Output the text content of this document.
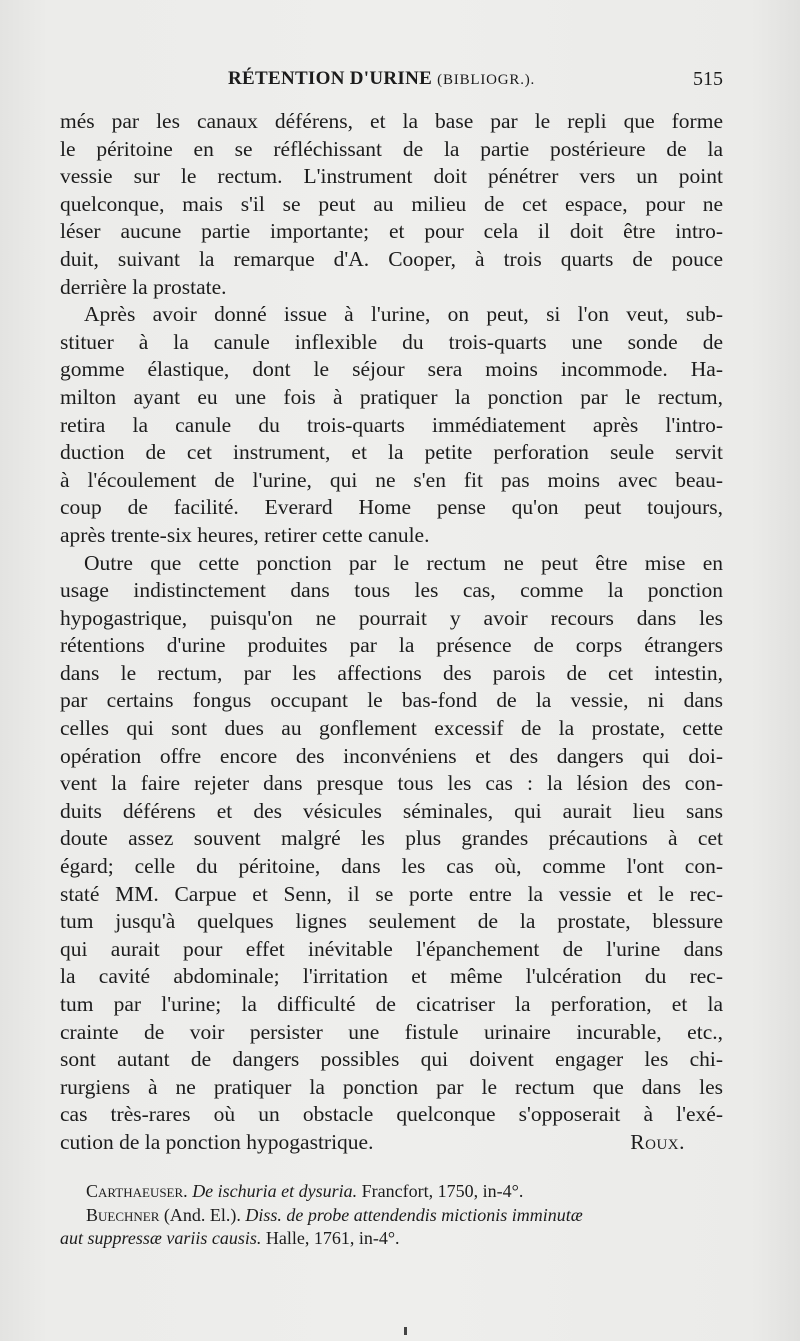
RÉTENTION D'URINE (BIBLIOGR.).	515
més par les canaux déférens, et la base par le repli que forme
le péritoine en se réfléchissant de la partie postérieure de la
vessie sur le rectum. L'instrument doit pénétrer vers un point
quelconque, mais s'il se peut au milieu de cet espace, pour ne
léser aucune partie importante; et pour cela il doit être intro-
duit, suivant la remarque d'A. Cooper, à trois quarts de pouce
derrière la prostate.
Après avoir donné issue à l'urine, on peut, si l'on veut, sub-
stituer à la canule inflexible du trois-quarts une sonde de
gomme élastique, dont le séjour sera moins incommode. Ha-
milton ayant eu une fois à pratiquer la ponction par le rectum,
retira la canule du trois-quarts immédiatement après l'intro-
duction de cet instrument, et la petite perforation seule servit
à l'écoulement de l'urine, qui ne s'en fit pas moins avec beau-
coup de facilité. Everard Home pense qu'on peut toujours,
après trente-six heures, retirer cette canule.
Outre que cette ponction par le rectum ne peut être mise en
usage indistinctement dans tous les cas, comme la ponction
hypogastrique, puisqu'on ne pourrait y avoir recours dans les
rétentions d'urine produites par la présence de corps étrangers
dans le rectum, par les affections des parois de cet intestin,
par certains fongus occupant le bas-fond de la vessie, ni dans
celles qui sont dues au gonflement excessif de la prostate, cette
opération offre encore des inconvéniens et des dangers qui doi-
vent la faire rejeter dans presque tous les cas : la lésion des con-
duits déférens et des vésicules séminales, qui aurait lieu sans
doute assez souvent malgré les plus grandes précautions à cet
égard; celle du péritoine, dans les cas où, comme l'ont con-
staté MM. Carpue et Senn, il se porte entre la vessie et le rec-
tum jusqu'à quelques lignes seulement de la prostate, blessure
qui aurait pour effet inévitable l'épanchement de l'urine dans
la cavité abdominale; l'irritation et même l'ulcération du rec-
tum par l'urine; la difficulté de cicatriser la perforation, et la
crainte de voir persister une fistule urinaire incurable, etc.,
sont autant de dangers possibles qui doivent engager les chi-
rurgiens à ne pratiquer la ponction par le rectum que dans les
cas très-rares où un obstacle quelconque s'opposerait à l'exé-
cution de la ponction hypogastrique.	Roux.
Carthaeuser. De ischuria et dysuria. Francfort, 1750, in-4°.
Buechner (And. El.). Diss. de probe attendendis mictionis imminutæ
aut suppressæ variis causis. Halle, 1761, in-4°.
